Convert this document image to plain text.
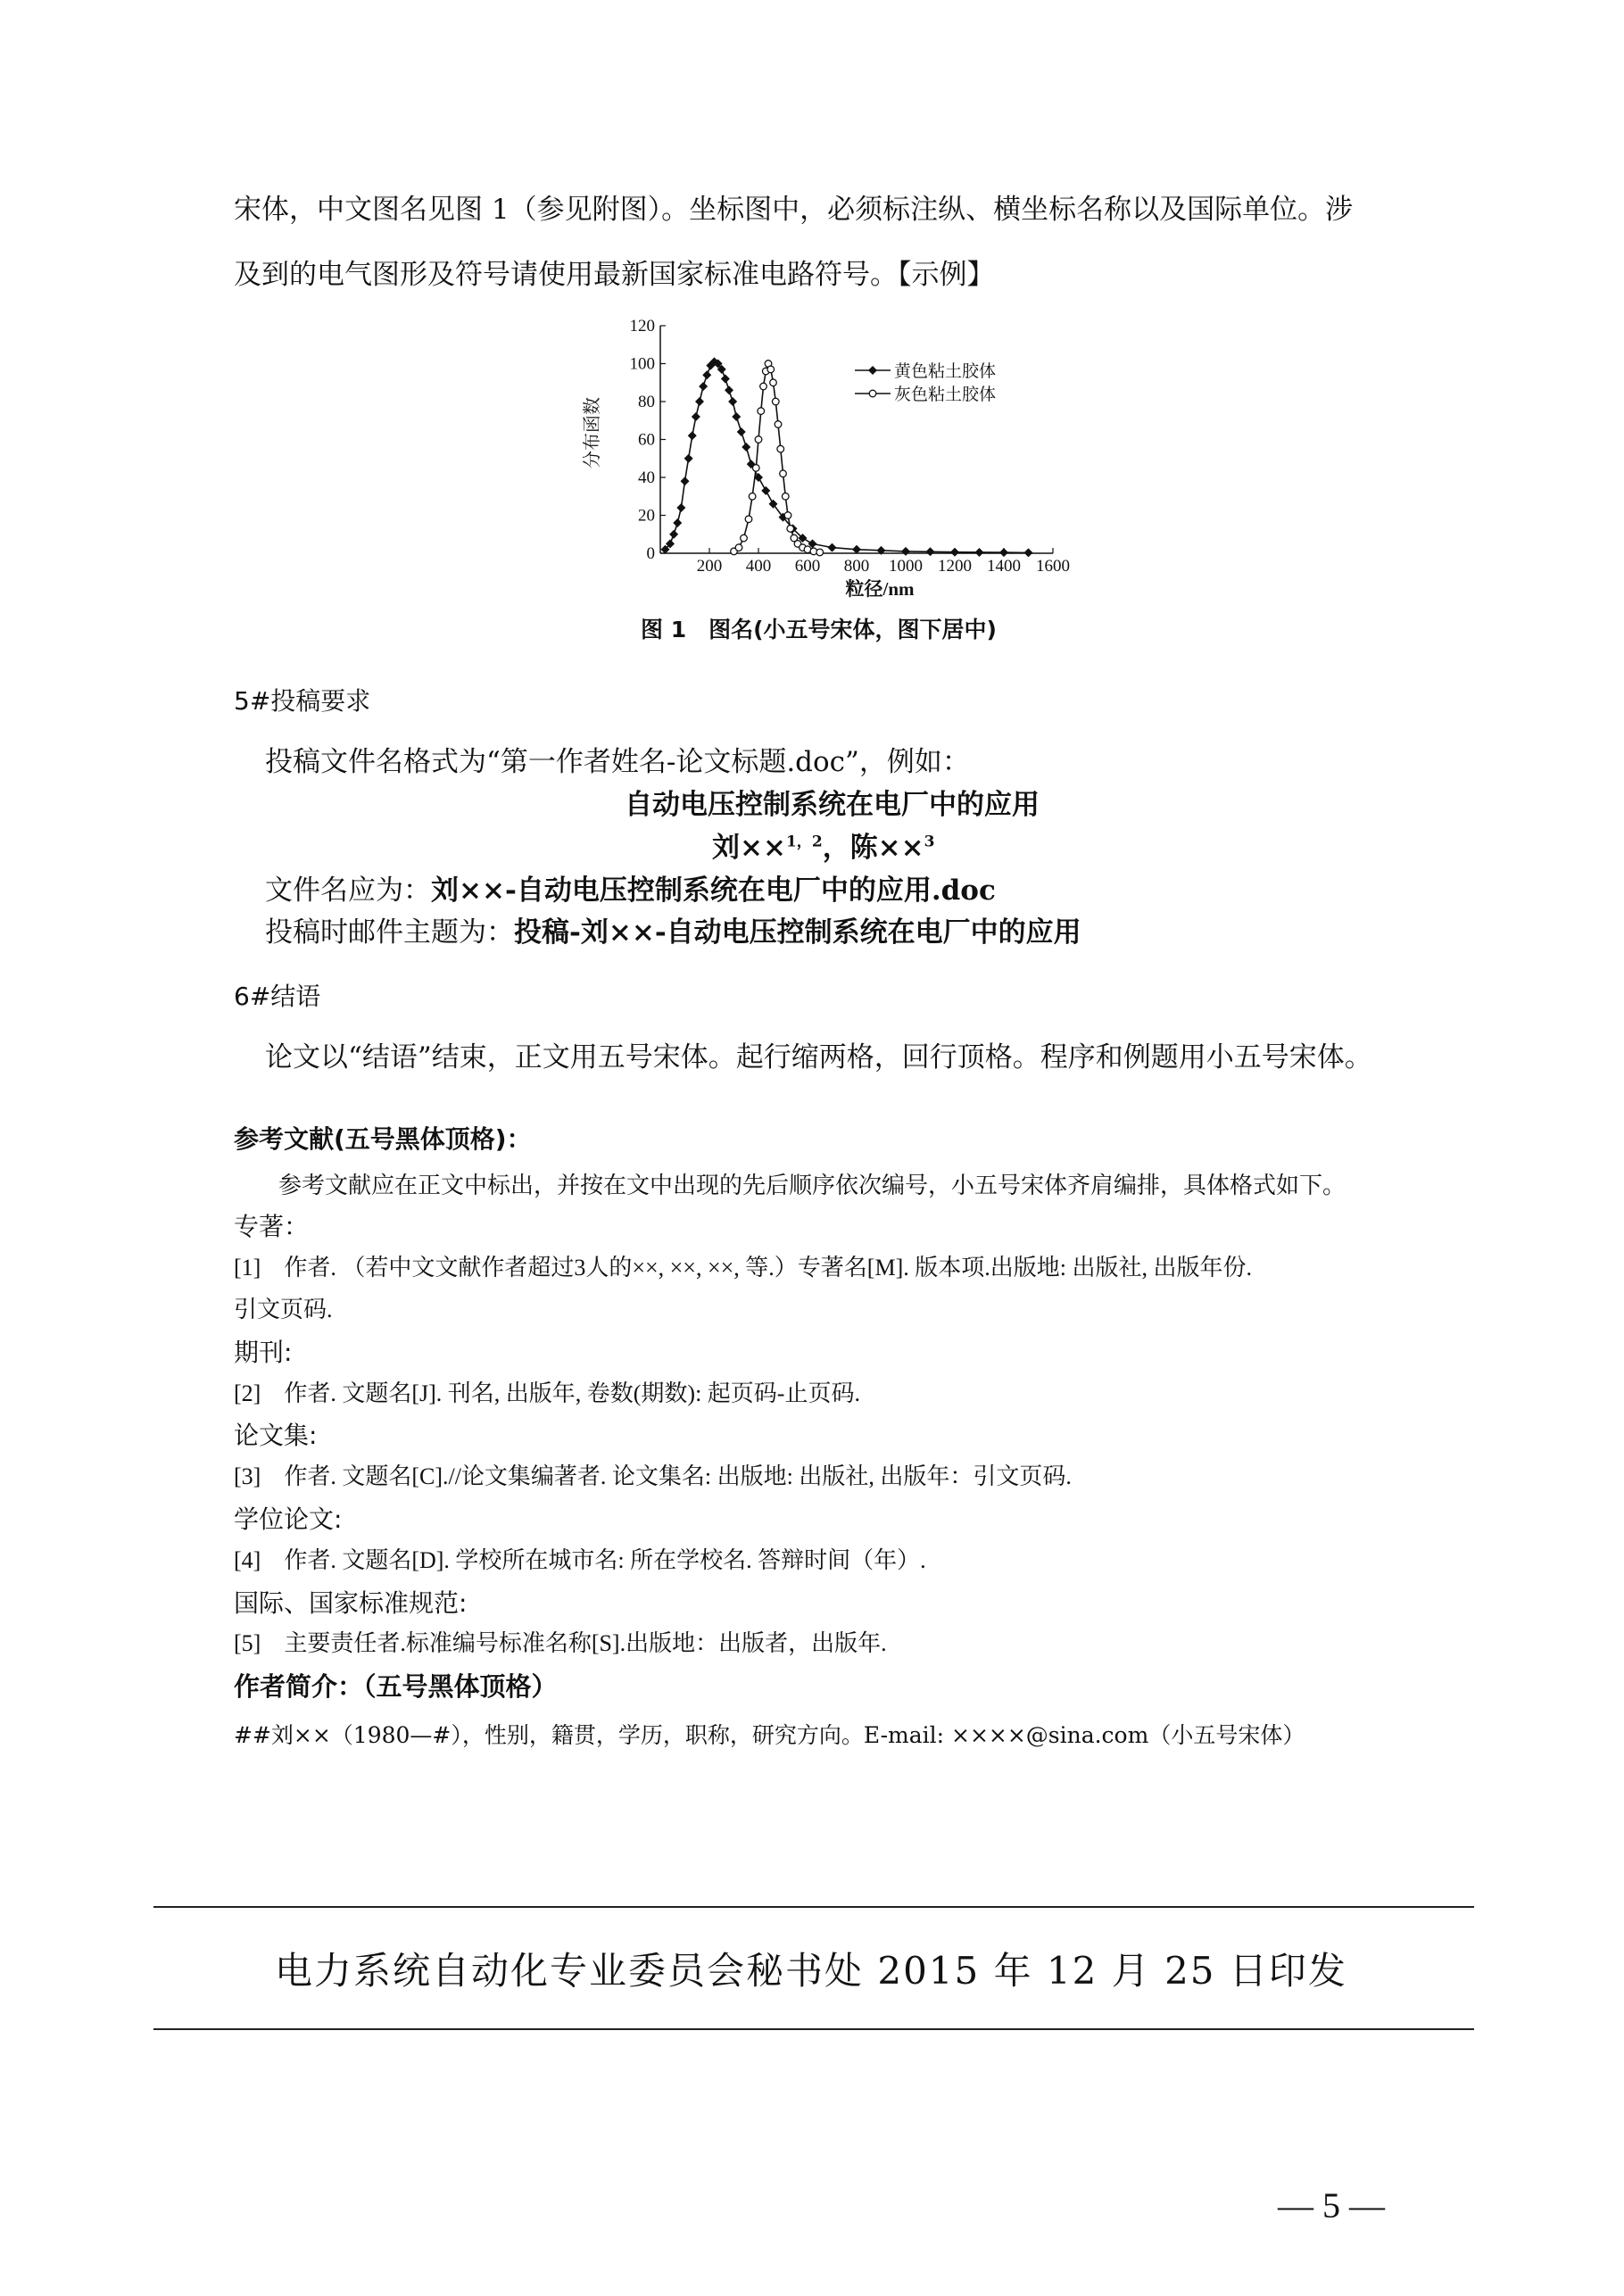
宋体，中文图名见图 1（参见附图）。坐标图中，必须标注纵、横坐标名称以及国际单位。涉
及到的电气图形及符号请使用最新国家标准电路符号。【示例】
0
20
40
60
80
100
120
200 400 600 800 1000 1200 1400 1600
黄色粘土胶体
灰色粘土胶体
分布函数
粒径/nm
图 1　图名(小五号宋体，图下居中)
5#投稿要求
投稿文件名格式为“第一作者姓名-论文标题.doc”，例如：
自动电压控制系统在电厂中的应用
刘××$^{1,2}$，陈××$^3$
文件名应为：刘××-自动电压控制系统在电厂中的应用.doc
投稿时邮件主题为：投稿-刘××-自动电压控制系统在电厂中的应用
6#结语
论文以“结语”结束，正文用五号宋体。起行缩两格，回行顶格。程序和例题用小五号宋体。
参考文献(五号黑体顶格)：
参考文献应在正文中标出，并按在文中出现的先后顺序依次编号，小五号宋体齐肩编排，具体格式如下。
专著：
[1]　作者. （若中文文献作者超过3人的××, ××, ××, 等.）专著名[M]. 版本项.出版地: 出版社, 出版年份.
引文页码.
期刊:
[2]　作者. 文题名[J]. 刊名, 出版年, 卷数(期数): 起页码-止页码.
论文集:
[3]　作者. 文题名[C].//论文集编著者. 论文集名: 出版地: 出版社, 出版年：引文页码.
学位论文:
[4]　作者. 文题名[D]. 学校所在城市名: 所在学校名. 答辩时间（年）.
国际、国家标准规范:
[5]　主要责任者.标准编号标准名称[S].出版地：出版者，出版年.
作者简介：（五号黑体顶格）
##刘××（1980—#），性别，籍贯，学历，职称，研究方向。E-mail: ××××@sina.com（小五号宋体）
电力系统自动化专业委员会秘书处 2015 年 12 月 25 日印发
— 5 —
